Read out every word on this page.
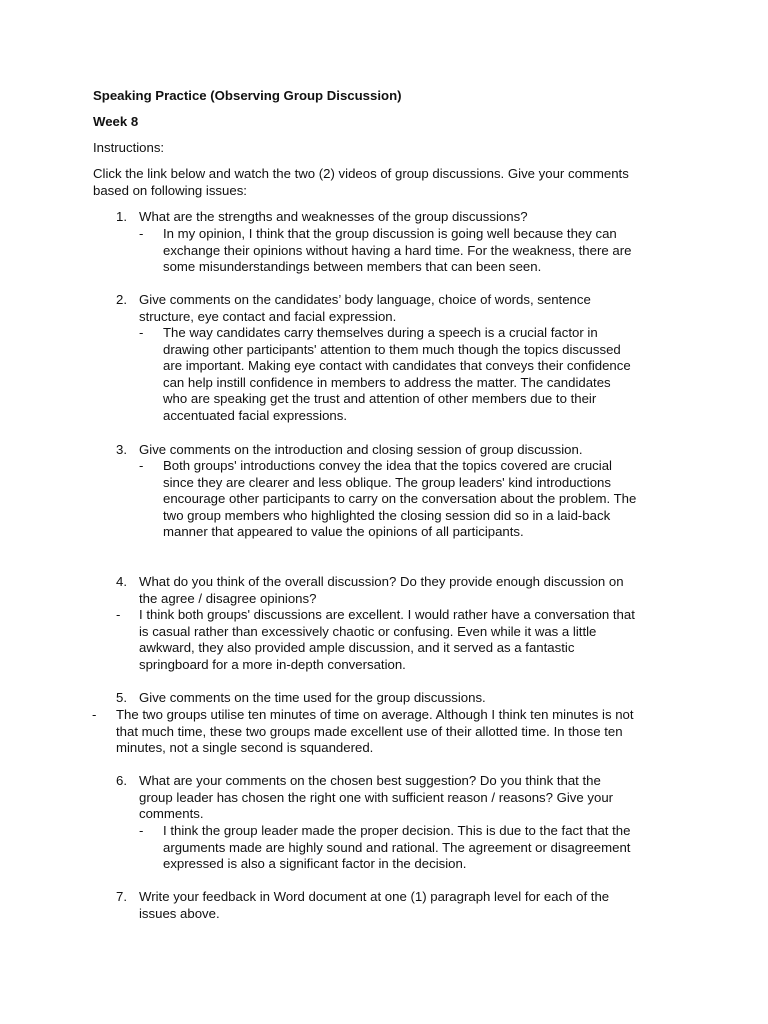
Speaking Practice (Observing Group Discussion)
Week 8
Instructions:
Click the link below and watch the two (2) videos of group discussions. Give your comments
based on following issues:
1. What are the strengths and weaknesses of the group discussions?
- In my opinion, I think that the group discussion is going well because they can
exchange their opinions without having a hard time. For the weakness, there are
some misunderstandings between members that can been seen.
2. Give comments on the candidates’ body language, choice of words, sentence
structure, eye contact and facial expression.
- The way candidates carry themselves during a speech is a crucial factor in
drawing other participants' attention to them much though the topics discussed
are important. Making eye contact with candidates that conveys their confidence
can help instill confidence in members to address the matter. The candidates
who are speaking get the trust and attention of other members due to their
accentuated facial expressions.
3. Give comments on the introduction and closing session of group discussion.
- Both groups' introductions convey the idea that the topics covered are crucial
since they are clearer and less oblique. The group leaders' kind introductions
encourage other participants to carry on the conversation about the problem. The
two group members who highlighted the closing session did so in a laid-back
manner that appeared to value the opinions of all participants.
4. What do you think of the overall discussion? Do they provide enough discussion on
the agree / disagree opinions?
- I think both groups' discussions are excellent. I would rather have a conversation that
is casual rather than excessively chaotic or confusing. Even while it was a little
awkward, they also provided ample discussion, and it served as a fantastic
springboard for a more in-depth conversation.
5. Give comments on the time used for the group discussions.
- The two groups utilise ten minutes of time on average. Although I think ten minutes is not
that much time, these two groups made excellent use of their allotted time. In those ten
minutes, not a single second is squandered.
6. What are your comments on the chosen best suggestion? Do you think that the
group leader has chosen the right one with sufficient reason / reasons? Give your
comments.
- I think the group leader made the proper decision. This is due to the fact that the
arguments made are highly sound and rational. The agreement or disagreement
expressed is also a significant factor in the decision.
7. Write your feedback in Word document at one (1) paragraph level for each of the
issues above.
